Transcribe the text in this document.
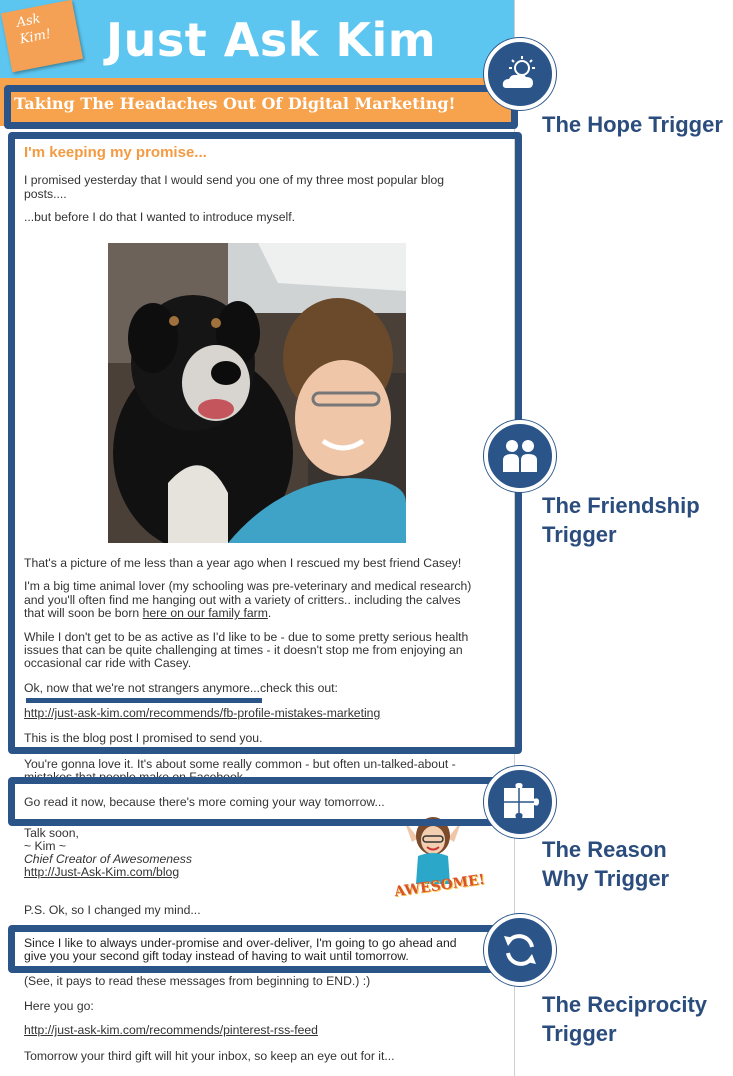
Ask Kim!	Just Ask Kim
Taking The Headaches Out Of Digital Marketing!
I'm keeping my promise...
I promised yesterday that I would send you one of my three most popular blog
posts....
...but before I do that I wanted to introduce myself.
That's a picture of me less than a year ago when I rescued my best friend Casey!
I'm a big time animal lover (my schooling was pre-veterinary and medical research)
and you'll often find me hanging out with a variety of critters.. including the calves
that will soon be born here on our family farm.
While I don't get to be as active as I'd like to be - due to some pretty serious health
issues that can be quite challenging at times - it doesn't stop me from enjoying an
occasional car ride with Casey.
Ok, now that we're not strangers anymore...check this out:
http://just-ask-kim.com/recommends/fb-profile-mistakes-marketing
This is the blog post I promised to send you.
You're gonna love it. It's about some really common - but often un-talked-about -
mistakes that people make on Facebook.
Go read it now, because there's more coming your way tomorrow...
Talk soon,
~ Kim ~
Chief Creator of Awesomeness
http://Just-Ask-Kim.com/blog	AWESOME!
P.S. Ok, so I changed my mind...
Since I like to always under-promise and over-deliver, I'm going to go ahead and
give you your second gift today instead of having to wait until tomorrow.
(See, it pays to read these messages from beginning to END.) :)
Here you go:
http://just-ask-kim.com/recommends/pinterest-rss-feed
Tomorrow your third gift will hit your inbox, so keep an eye out for it...
The Hope Trigger
The Friendship
Trigger
The Reason
Why Trigger
The Reciprocity
Trigger
